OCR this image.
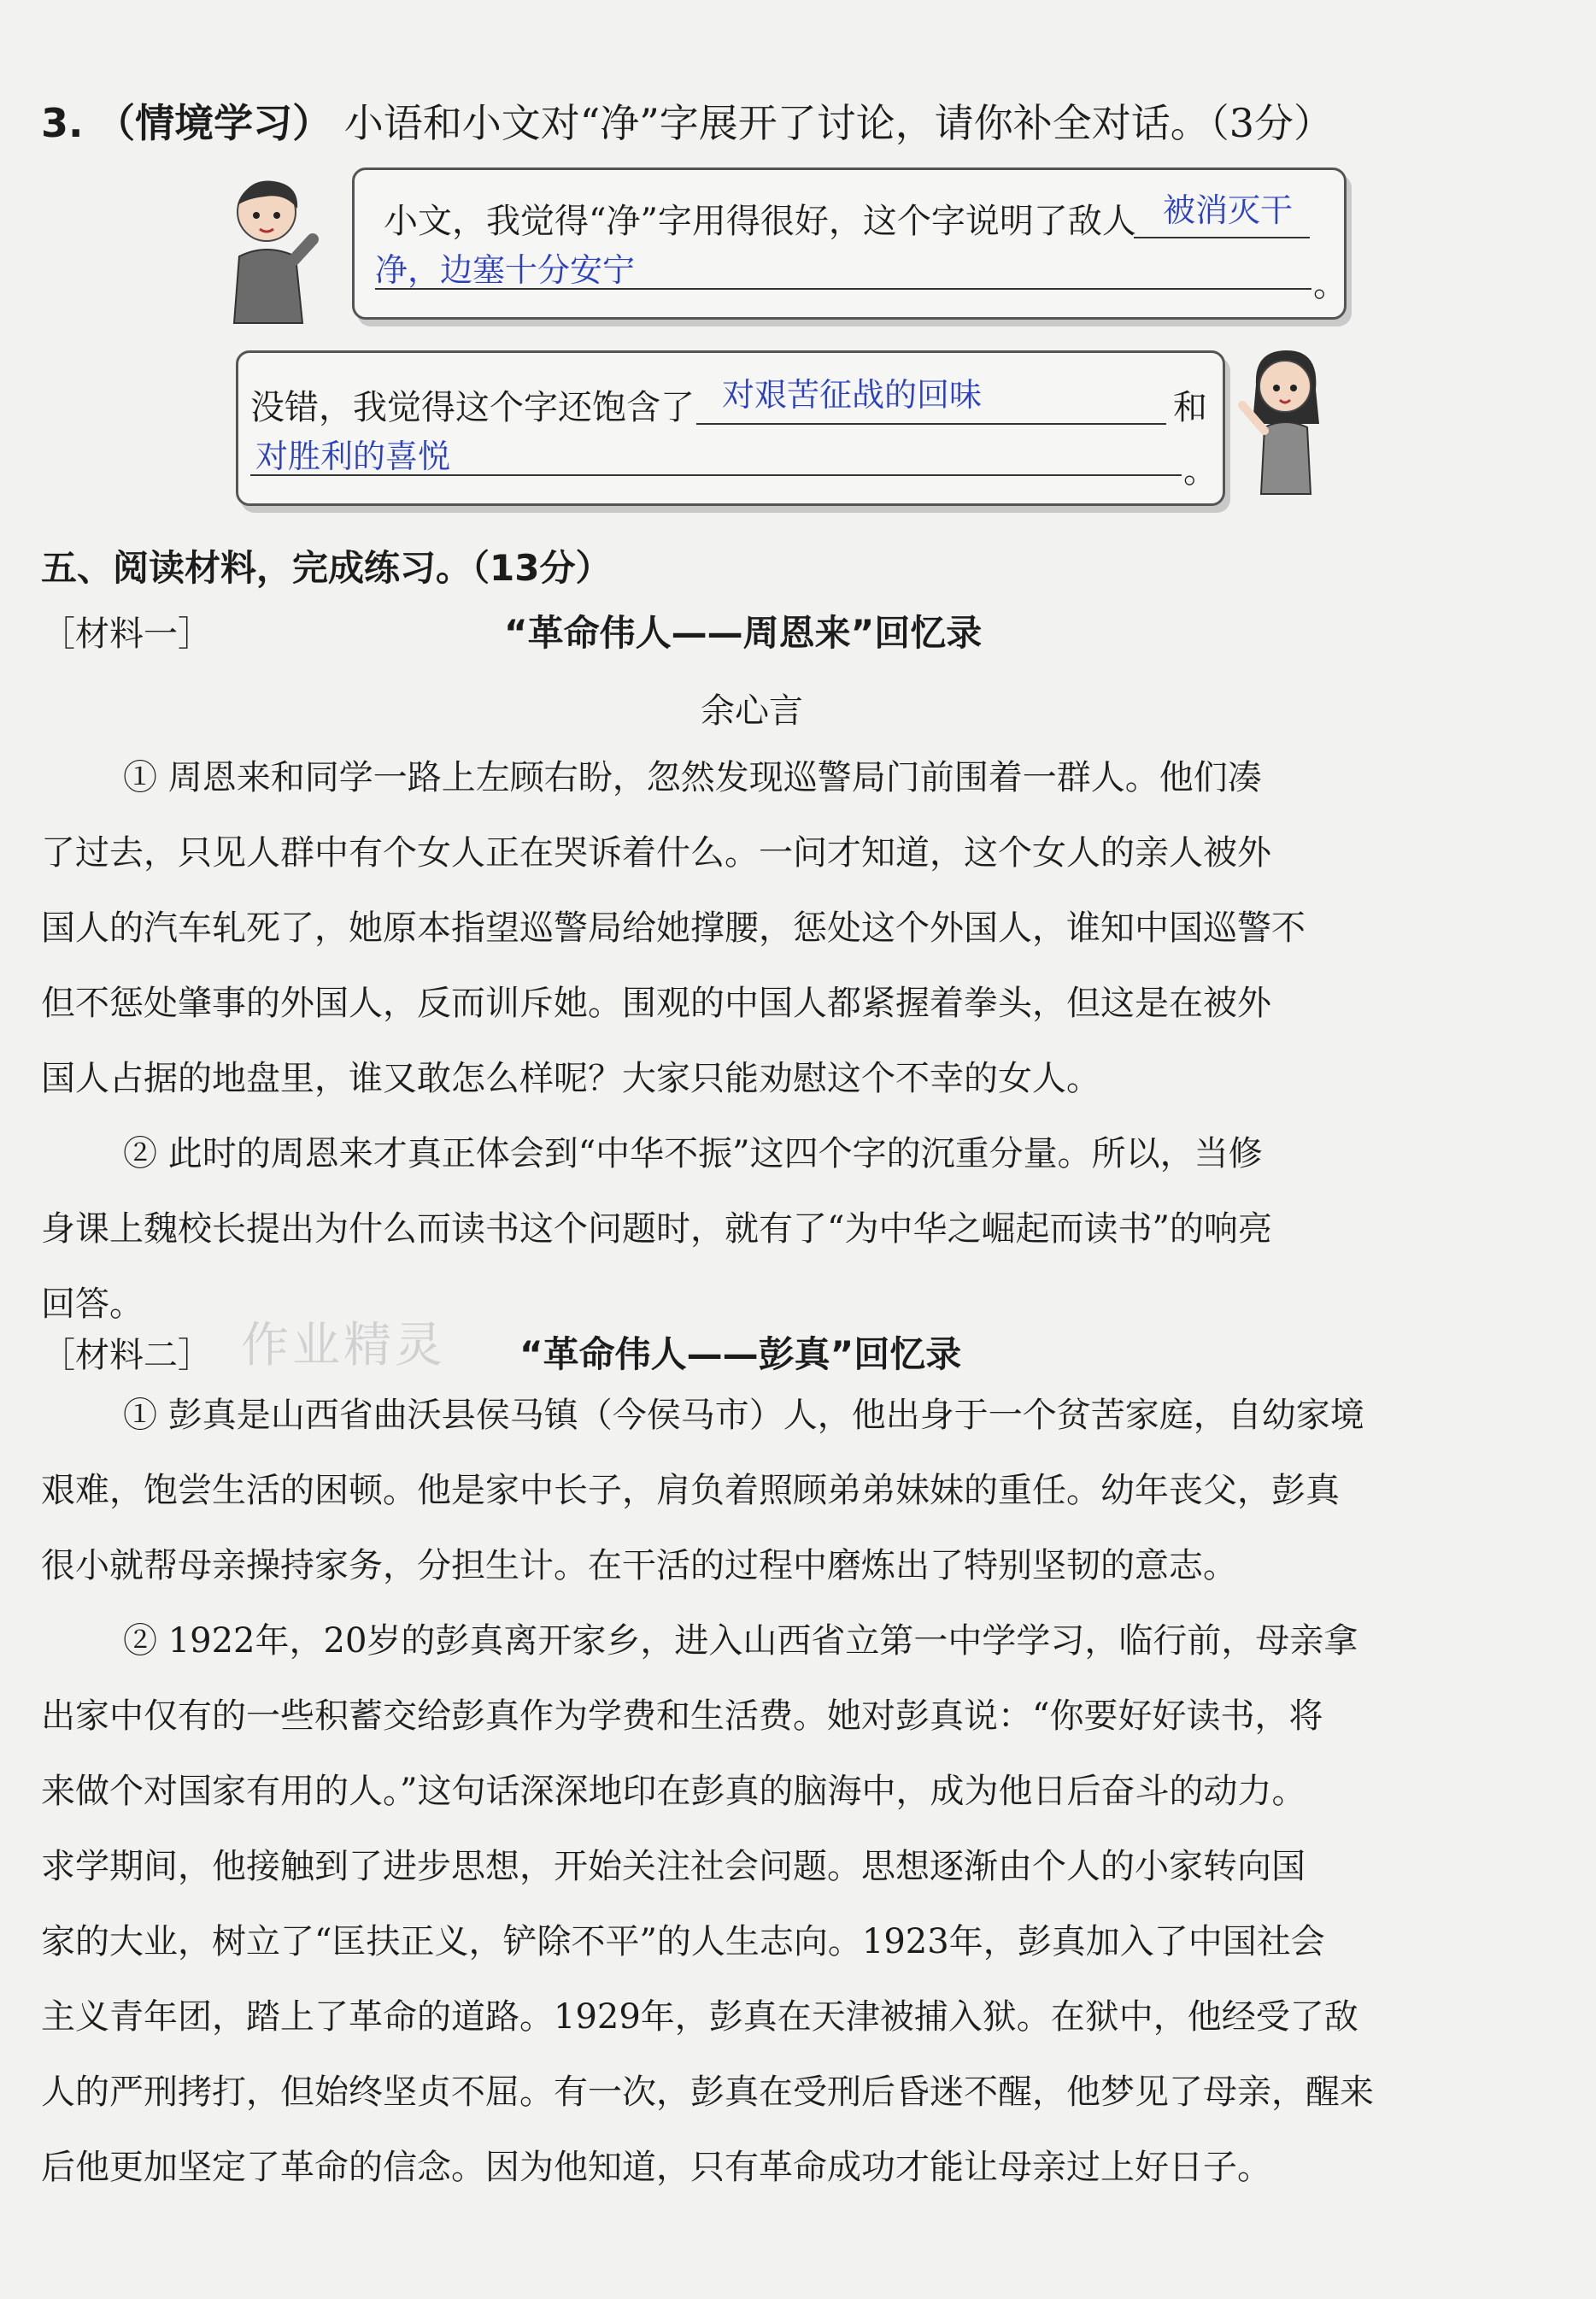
3. （情境学习） 小语和小文对“净”字展开了讨论，请你补全对话。（3分）
小文，我觉得“净”字用得很好，这个字说明了敌人 被消灭干
净，边塞十分安宁	。
没错，我觉得这个字还饱含了 对艰苦征战的回味	和
对胜利的喜悦	。
五、阅读材料，完成练习。（13分）
［材料一］	“革命伟人——周恩来”回忆录
余心言
① 周恩来和同学一路上左顾右盼，忽然发现巡警局门前围着一群人。他们凑
了过去，只见人群中有个女人正在哭诉着什么。一问才知道，这个女人的亲人被外
国人的汽车轧死了，她原本指望巡警局给她撑腰，惩处这个外国人，谁知中国巡警不
但不惩处肇事的外国人，反而训斥她。围观的中国人都紧握着拳头，但这是在被外
国人占据的地盘里，谁又敢怎么样呢？大家只能劝慰这个不幸的女人。
② 此时的周恩来才真正体会到“中华不振”这四个字的沉重分量。所以，当修
身课上魏校长提出为什么而读书这个问题时，就有了“为中华之崛起而读书”的响亮
回答。
［材料二］ 作业精灵 “革命伟人——彭真”回忆录
① 彭真是山西省曲沃县侯马镇（今侯马市）人，他出身于一个贫苦家庭，自幼家境
艰难，饱尝生活的困顿。他是家中长子，肩负着照顾弟弟妹妹的重任。幼年丧父，彭真
很小就帮母亲操持家务，分担生计。在干活的过程中磨炼出了特别坚韧的意志。
② 1922年，20岁的彭真离开家乡，进入山西省立第一中学学习，临行前，母亲拿
出家中仅有的一些积蓄交给彭真作为学费和生活费。她对彭真说：“你要好好读书，将
来做个对国家有用的人。”这句话深深地印在彭真的脑海中，成为他日后奋斗的动力。
求学期间，他接触到了进步思想，开始关注社会问题。思想逐渐由个人的小家转向国
家的大业，树立了“匡扶正义，铲除不平”的人生志向。1923年，彭真加入了中国社会
主义青年团，踏上了革命的道路。1929年，彭真在天津被捕入狱。在狱中，他经受了敌
人的严刑拷打，但始终坚贞不屈。有一次，彭真在受刑后昏迷不醒，他梦见了母亲，醒来
后他更加坚定了革命的信念。因为他知道，只有革命成功才能让母亲过上好日子。
